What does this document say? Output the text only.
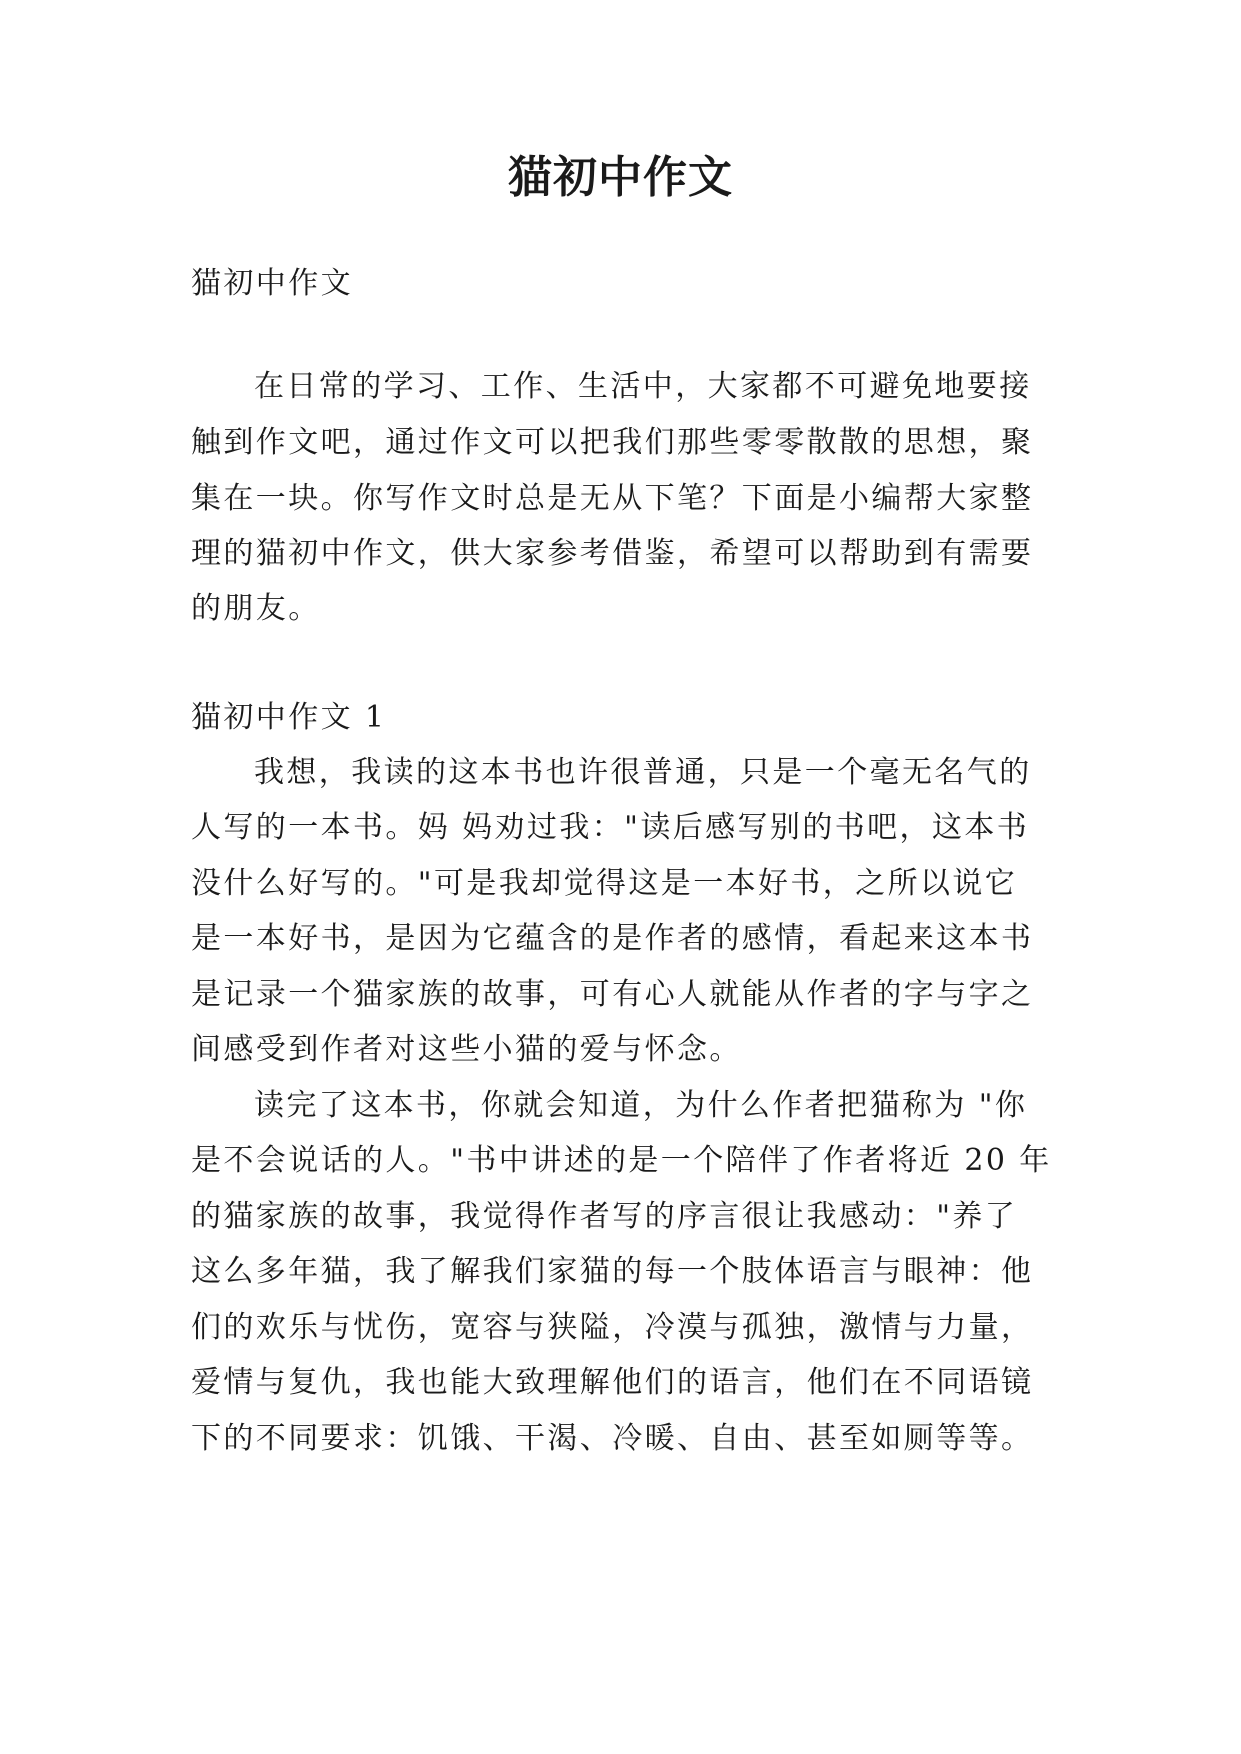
猫初中作文
猫初中作文
在日常的学习、工作、生活中，大家都不可避免地要接
触到作文吧，通过作文可以把我们那些零零散散的思想，聚
集在一块。你写作文时总是无从下笔？下面是小编帮大家整
理的猫初中作文，供大家参考借鉴，希望可以帮助到有需要
的朋友。
猫初中作文 1
我想，我读的这本书也许很普通，只是一个毫无名气的
人写的一本书。妈 妈劝过我："读后感写别的书吧，这本书
没什么好写的。"可是我却觉得这是一本好书，之所以说它
是一本好书，是因为它蕴含的是作者的感情，看起来这本书
是记录一个猫家族的故事，可有心人就能从作者的字与字之
间感受到作者对这些小猫的爱与怀念。
读完了这本书，你就会知道，为什么作者把猫称为 "你
是不会说话的人。"书中讲述的是一个陪伴了作者将近 20 年
的猫家族的故事，我觉得作者写的序言很让我感动："养了
这么多年猫，我了解我们家猫的每一个肢体语言与眼神：他
们的欢乐与忧伤，宽容与狭隘，冷漠与孤独，激情与力量，
爱情与复仇，我也能大致理解他们的语言，他们在不同语镜
下的不同要求：饥饿、干渴、冷暖、自由、甚至如厕等等。
